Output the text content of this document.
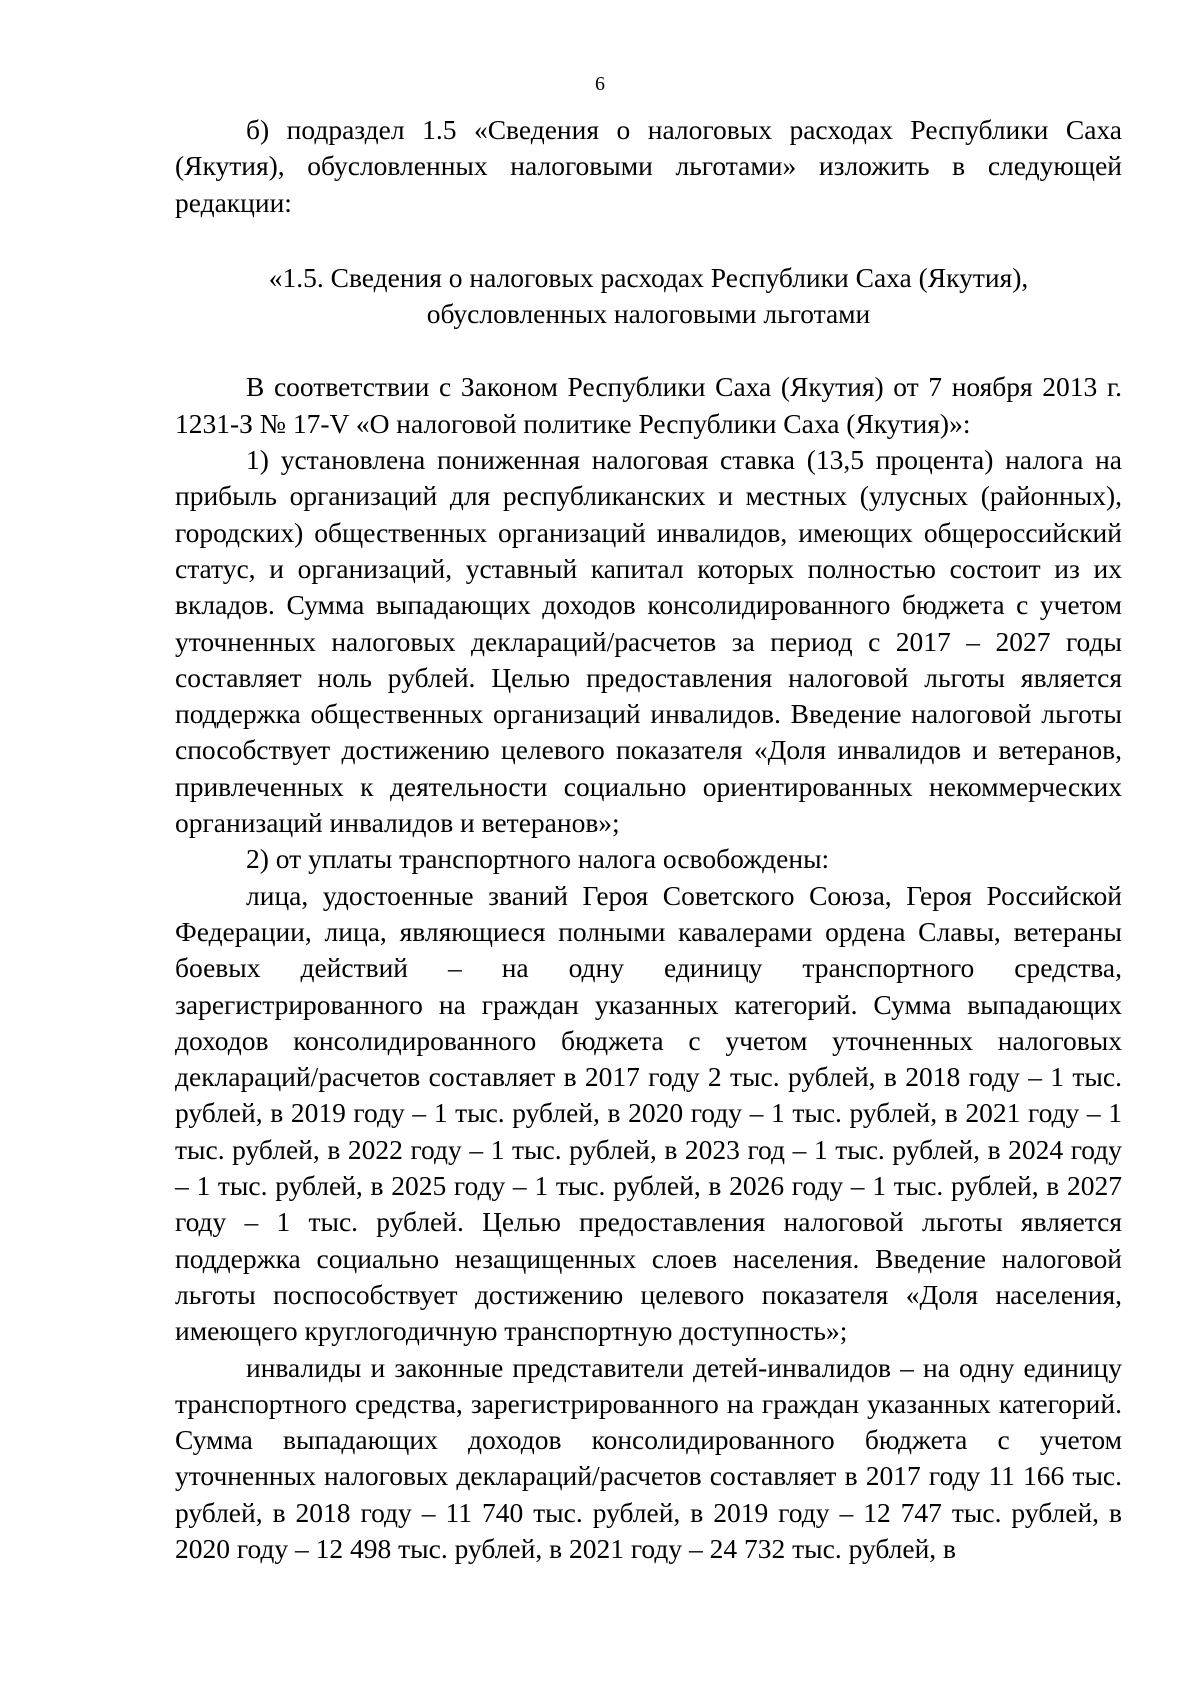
6

б) подраздел 1.5 «Сведения о налоговых расходах Республики Саха (Якутия), обусловленных налоговыми льготами» изложить в следующей редакции:

«1.5. Сведения о налоговых расходах Республики Саха (Якутия),
обусловленных налоговыми льготами

В соответствии с Законом Республики Саха (Якутия) от 7 ноября 2013 г. 1231-З № 17-V «О налоговой политике Республики Саха (Якутия)»:

1) установлена пониженная налоговая ставка (13,5 процента) налога на прибыль организаций для республиканских и местных (улусных (районных), городских) общественных организаций инвалидов, имеющих общероссийский статус, и организаций, уставный капитал которых полностью состоит из их вкладов. Сумма выпадающих доходов консолидированного бюджета с учетом уточненных налоговых деклараций/расчетов за период с 2017 – 2027 годы составляет ноль рублей. Целью предоставления налоговой льготы является поддержка общественных организаций инвалидов. Введение налоговой льготы способствует достижению целевого показателя «Доля инвалидов и ветеранов, привлеченных к деятельности социально ориентированных некоммерческих организаций инвалидов и ветеранов»;

2) от уплаты транспортного налога освобождены:

лица, удостоенные званий Героя Советского Союза, Героя Российской Федерации, лица, являющиеся полными кавалерами ордена Славы, ветераны боевых действий – на одну единицу транспортного средства, зарегистрированного на граждан указанных категорий. Сумма выпадающих доходов консолидированного бюджета с учетом уточненных налоговых деклараций/расчетов составляет в 2017 году 2 тыс. рублей, в 2018 году – 1 тыс. рублей, в 2019 году – 1 тыс. рублей, в 2020 году – 1 тыс. рублей, в 2021 году – 1 тыс. рублей, в 2022 году – 1 тыс. рублей, в 2023 год – 1 тыс. рублей, в 2024 году – 1 тыс. рублей, в 2025 году – 1 тыс. рублей, в 2026 году – 1 тыс. рублей, в 2027 году – 1 тыс. рублей. Целью предоставления налоговой льготы является поддержка социально незащищенных слоев населения. Введение налоговой льготы поспособствует достижению целевого показателя «Доля населения, имеющего круглогодичную транспортную доступность»;

инвалиды и законные представители детей-инвалидов – на одну единицу транспортного средства, зарегистрированного на граждан указанных категорий. Сумма выпадающих доходов консолидированного бюджета с учетом уточненных налоговых деклараций/расчетов составляет в 2017 году 11 166 тыс. рублей, в 2018 году – 11 740 тыс. рублей, в 2019 году – 12 747 тыс. рублей, в 2020 году – 12 498 тыс. рублей, в 2021 году – 24 732 тыс. рублей, в
